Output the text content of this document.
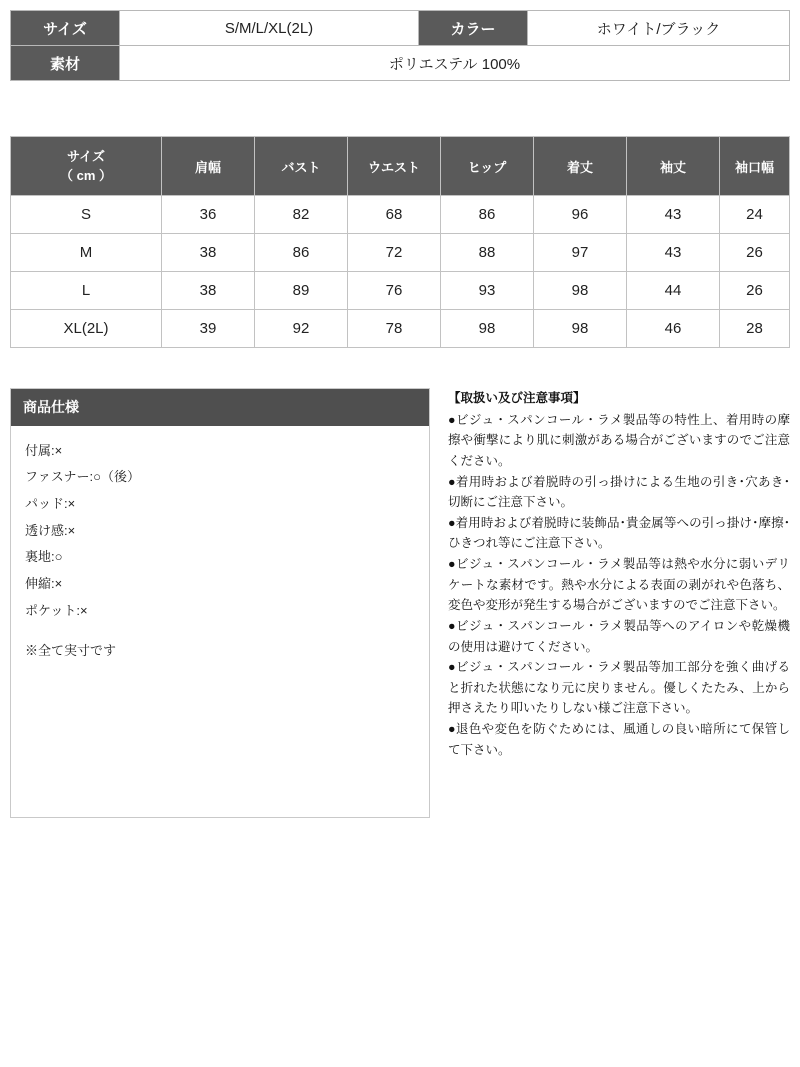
サイズ	S/M/L/XL(2L)	カラー	ホワイト/ブラック
素材	ポリエステル 100%		
サイズ
（ cm ）	肩幅	バスト	ウエスト	ヒップ	着丈	袖丈	袖口幅
S	36	82	68	86	96	43	24
M	38	86	72	88	97	43	26
L	38	89	76	93	98	44	26
XL(2L)	39	92	78	98	98	46	28
商品仕様
付属:×
ファスナー:○（後）
パッド:×
透け感:×
裏地:○
伸縮:×
ポケット:×
※全て実寸です
【取扱い及び注意事項】

●ビジュ・スパンコール・ラメ製品等の特性上、着用時の摩擦や衝撃により肌に刺激がある場合がございますのでご注意ください。

●着用時および着脱時の引っ掛けによる生地の引き･穴あき･切断にご注意下さい。

●着用時および着脱時に装飾品･貴金属等への引っ掛け･摩擦･ひきつれ等にご注意下さい。

●ビジュ・スパンコール・ラメ製品等は熱や水分に弱いデリケートな素材です。熱や水分による表面の剥がれや色落ち、変色や変形が発生する場合がございますのでご注意下さい。

●ビジュ・スパンコール・ラメ製品等へのアイロンや乾燥機の使用は避けてください。

●ビジュ・スパンコール・ラメ製品等加工部分を強く曲げると折れた状態になり元に戻りません。優しくたたみ、上から押さえたり叩いたりしない様ご注意下さい。

●退色や変色を防ぐためには、風通しの良い暗所にて保管して下さい。
